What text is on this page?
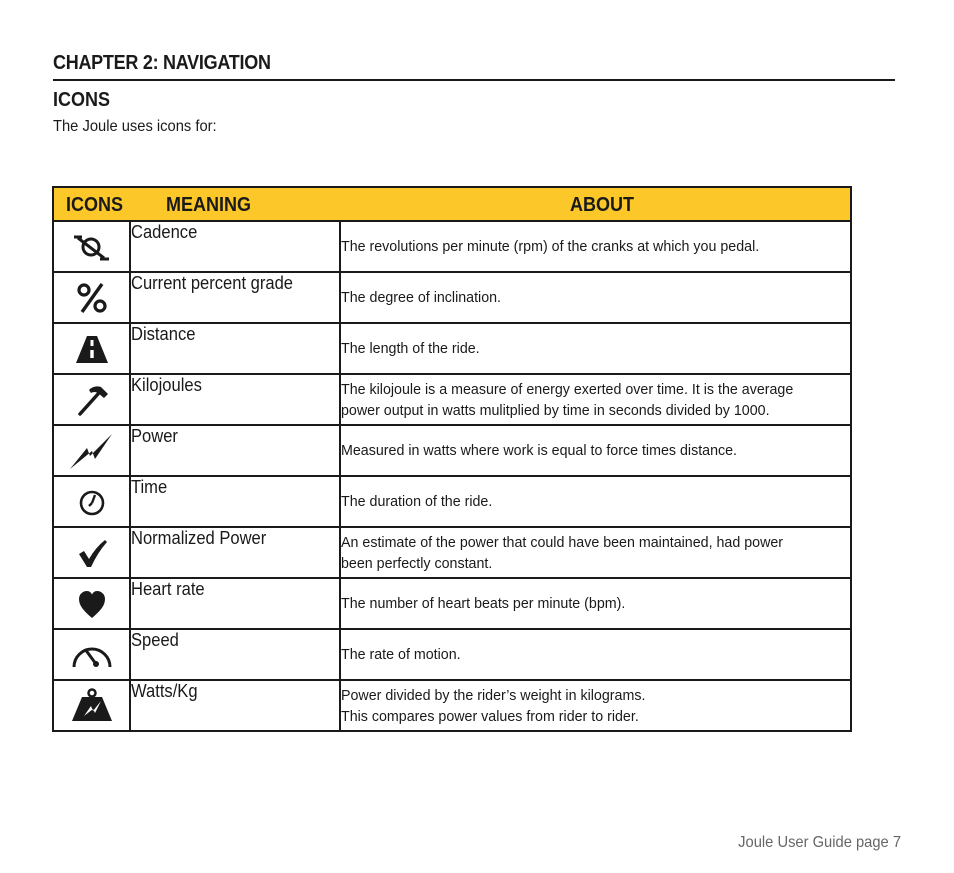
CHAPTER 2: NAVIGATION
ICONS
The Joule uses icons for:
ICONS MEANING ABOUT		

	Cadence	The revolutions per minute (rpm) of the cranks at which you pedal.

	Current percent grade	The degree of inclination.

	Distance	The length of the ride.

	Kilojoules	The kilojoule is a measure of energy exerted over time. It is the average
power output in watts mulitplied by time in seconds divided by 1000.

	Power	Measured in watts where work is equal to force times distance.

	Time	The duration of the ride.

	Normalized Power	An estimate of the power that could have been maintained, had power
been perfectly constant.

	Heart rate	The number of heart beats per minute (bpm).

	Speed	The rate of motion.

	Watts/Kg	Power divided by the rider’s weight in kilograms.
This compares power values from rider to rider.
Joule User Guide page 7
